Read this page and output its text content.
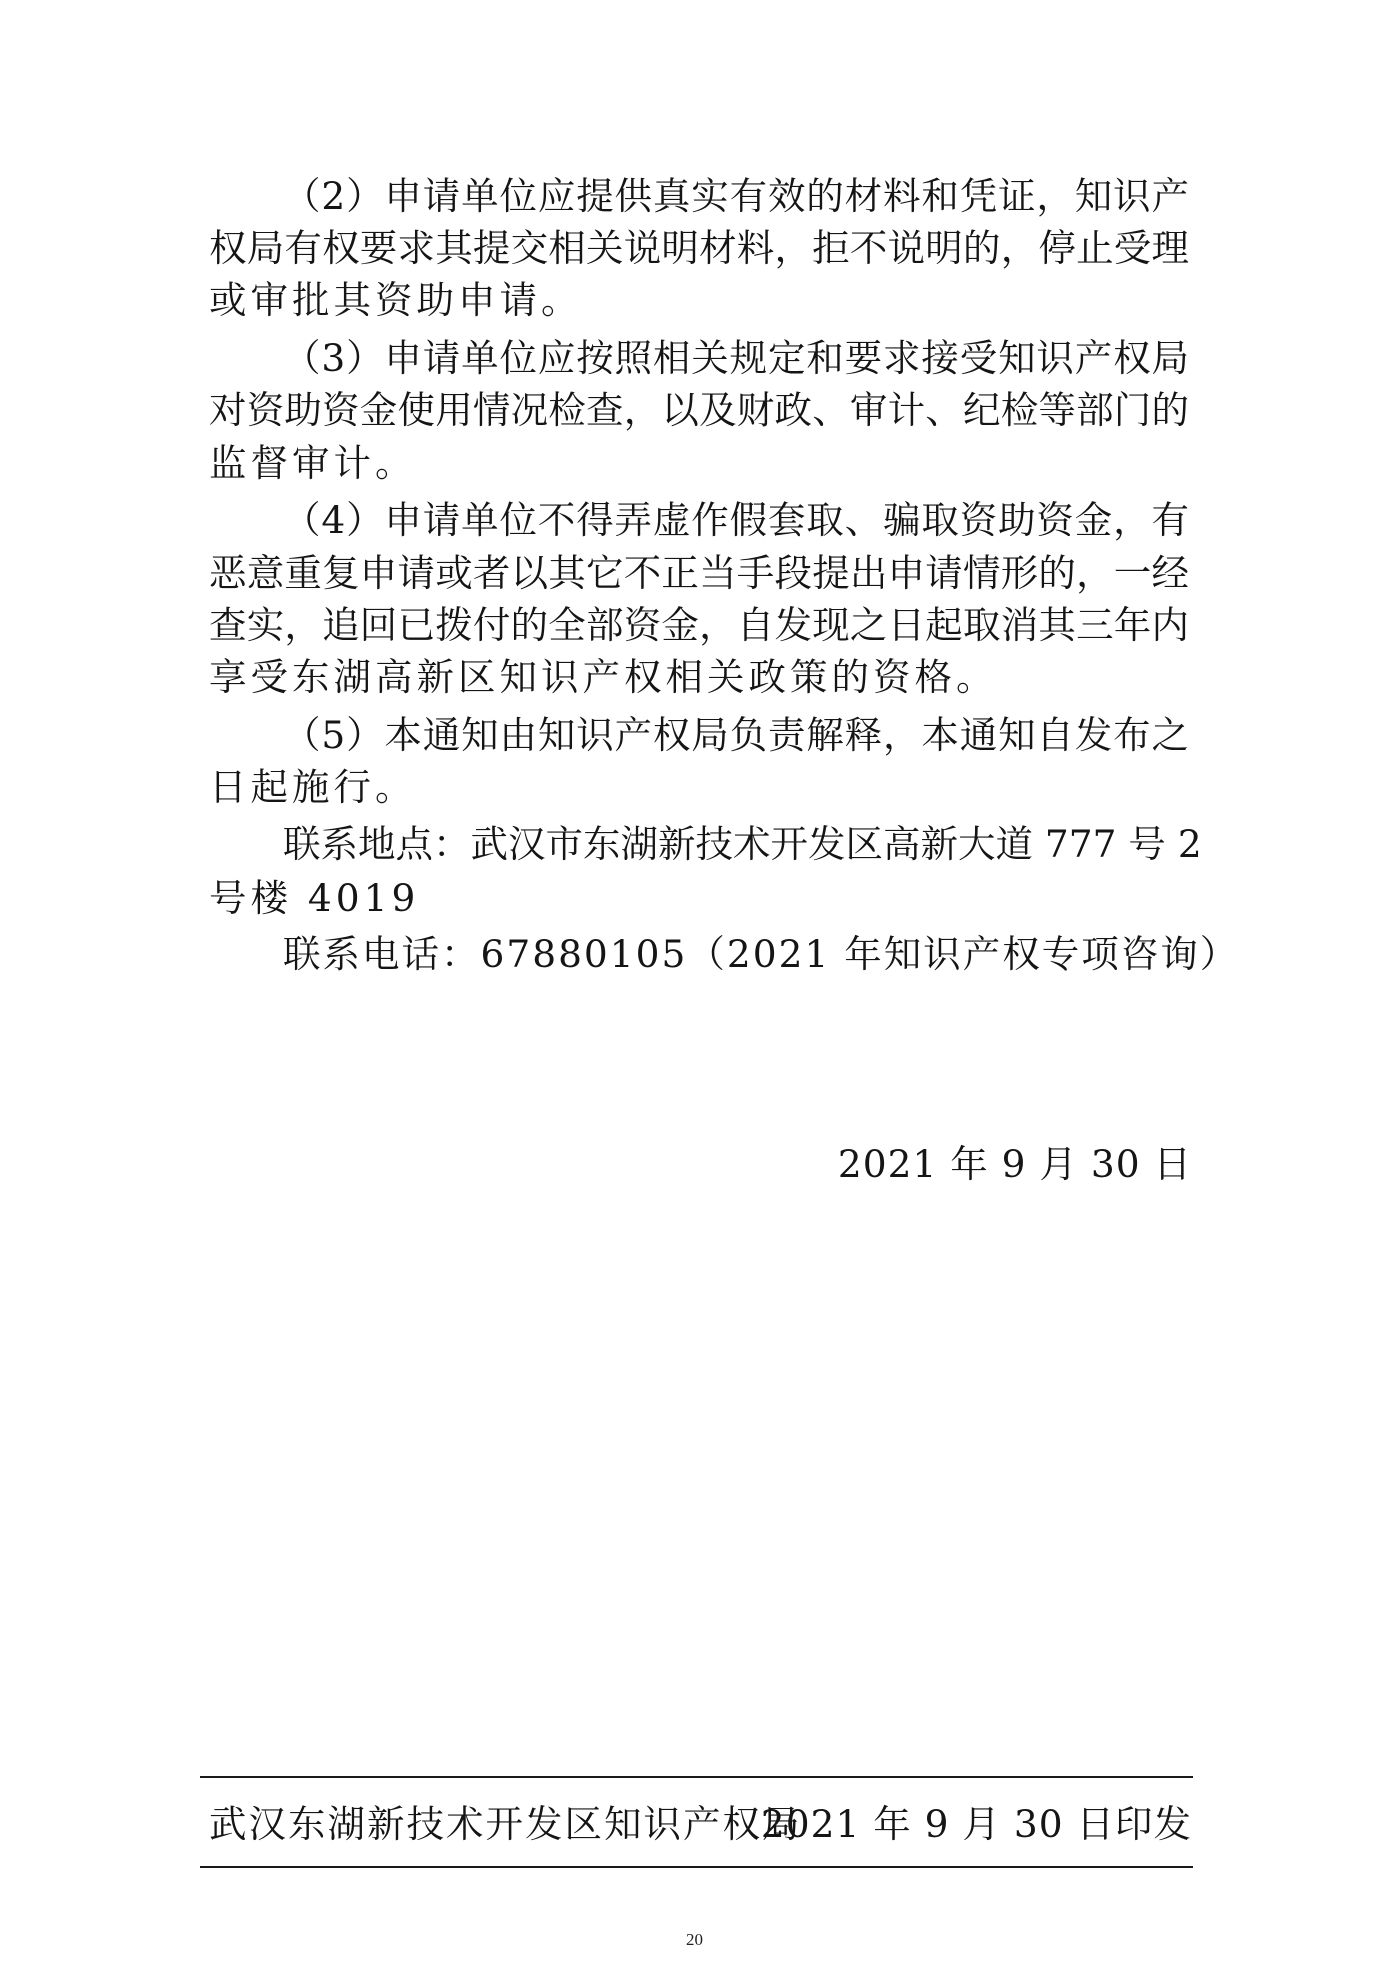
（2）申请单位应提供真实有效的材料和凭证，知识产

权局有权要求其提交相关说明材料，拒不说明的，停止受理

或审批其资助申请。

（3）申请单位应按照相关规定和要求接受知识产权局

对资助资金使用情况检查，以及财政、审计、纪检等部门的

监督审计。

（4）申请单位不得弄虚作假套取、骗取资助资金，有

恶意重复申请或者以其它不正当手段提出申请情形的，一经

查实，追回已拨付的全部资金，自发现之日起取消其三年内

享受东湖高新区知识产权相关政策的资格。

（5）本通知由知识产权局负责解释，本通知自发布之

日起施行。

联系地点：武汉市东湖新技术开发区高新大道 777 号 2

号楼 4019

联系电话：67880105（2021 年知识产权专项咨询）

2021 年 9 月 30 日

武汉东湖新技术开发区知识产权局
2021 年 9 月 30 日印发
20
